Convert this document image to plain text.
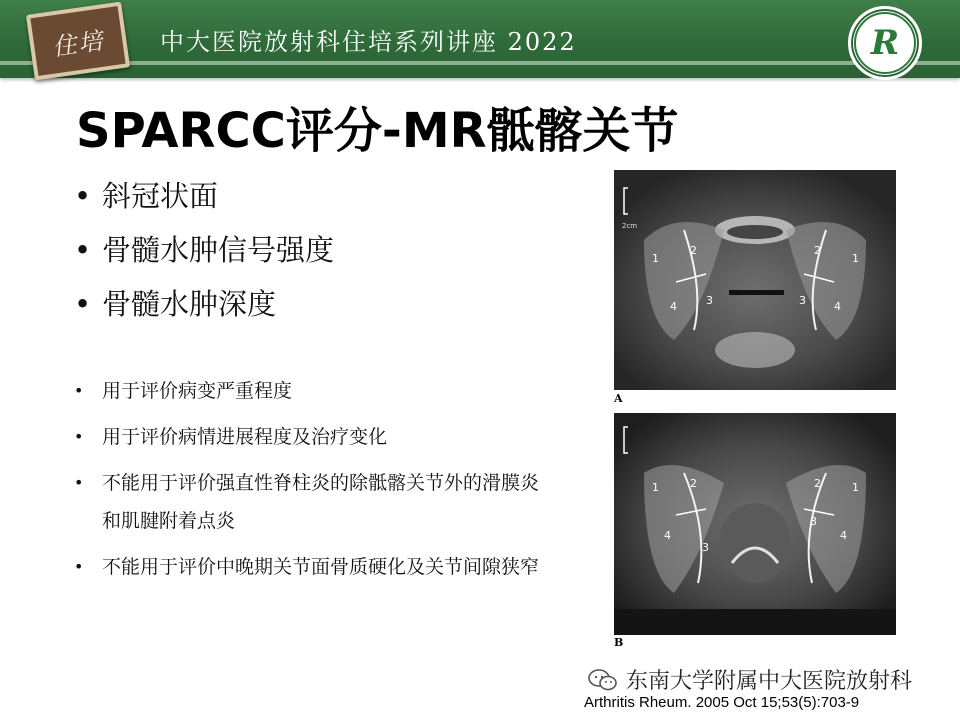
住培 中大医院放射科住培系列讲座 2022	R
SPARCC评分-MR骶髂关节
• 斜冠状面
• 骨髓水肿信号强度
• 骨髓水肿深度
• 用于评价病变严重程度
• 用于评价病情进展程度及治疗变化
• 不能用于评价强直性脊柱炎的除骶髂关节外的滑膜炎和肌腱附着点炎
• 不能用于评价中晚期关节面骨质硬化及关节间隙狭窄
2cm
1
2
3
4
1
2
3	4
A
1	2
3
4
1
2
3
4
B
东南大学附属中大医院放射科
Arthritis Rheum. 2005 Oct 15;53(5):703-9
